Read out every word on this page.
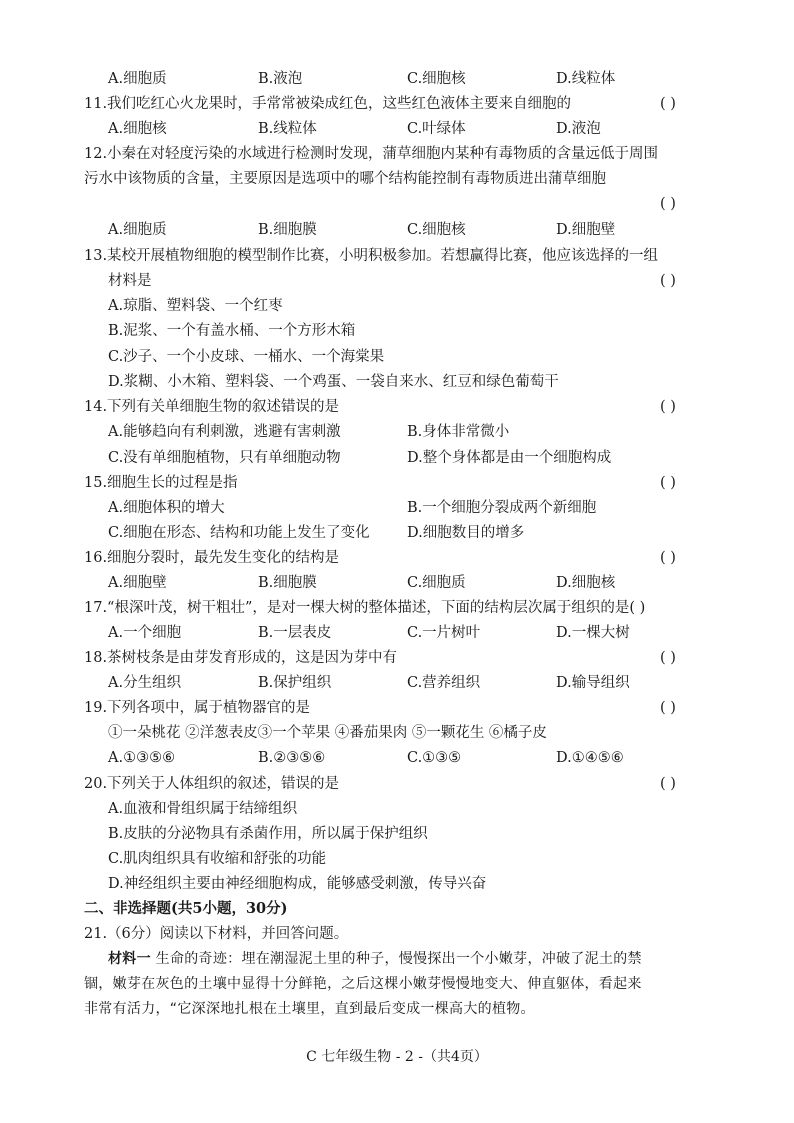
A.细胞质	B.液泡	C.细胞核	D.线粒体
11.我们吃红心火龙果时，手常常被染成红色，这些红色液体主要来自细胞的	( )
A.细胞核	B.线粒体	C.叶绿体	D.液泡
12.小秦在对轻度污染的水域进行检测时发现，蒲草细胞内某种有毒物质的含量远低于周围
污水中该物质的含量，主要原因是选项中的哪个结构能控制有毒物质进出蒲草细胞
( )
A.细胞质	B.细胞膜	C.细胞核	D.细胞壁
13.某校开展植物细胞的模型制作比赛，小明积极参加。若想赢得比赛，他应该选择的一组
材料是	( )
A.琼脂、塑料袋、一个红枣
B.泥浆、一个有盖水桶、一个方形木箱
C.沙子、一个小皮球、一桶水、一个海棠果
D.浆糊、小木箱、塑料袋、一个鸡蛋、一袋自来水、红豆和绿色葡萄干
14.下列有关单细胞生物的叙述错误的是	( )
A.能够趋向有利刺激，逃避有害刺激	B.身体非常微小
C.没有单细胞植物，只有单细胞动物	D.整个身体都是由一个细胞构成
15.细胞生长的过程是指	( )
A.细胞体积的增大	B.一个细胞分裂成两个新细胞
C.细胞在形态、结构和功能上发生了变化	D.细胞数目的增多
16.细胞分裂时，最先发生变化的结构是	( )
A.细胞壁	B.细胞膜	C.细胞质	D.细胞核
17.“根深叶茂，树干粗壮”，是对一棵大树的整体描述，下面的结构层次属于组织的是( )
A.一个细胞	B.一层表皮	C.一片树叶	D.一棵大树
18.茶树枝条是由芽发育形成的，这是因为芽中有	( )
A.分生组织	B.保护组织	C.营养组织	D.输导组织
19.下列各项中，属于植物器官的是	( )
①一朵桃花 ②洋葱表皮③一个苹果 ④番茄果肉 ⑤一颗花生 ⑥橘子皮
A.①③⑤⑥	B.②③⑤⑥	C.①③⑤	D.①④⑤⑥
20.下列关于人体组织的叙述，错误的是	( )
A.血液和骨组织属于结缔组织
B.皮肤的分泌物具有杀菌作用，所以属于保护组织
C.肌肉组织具有收缩和舒张的功能
D.神经组织主要由神经细胞构成，能够感受刺激，传导兴奋
二、非选择题(共5小题，30分)
21.（6分）阅读以下材料，并回答问题。
材料一 生命的奇迹：埋在潮湿泥土里的种子，慢慢探出一个小嫩芽，冲破了泥土的禁
锢，嫩芽在灰色的土壤中显得十分鲜艳，之后这棵小嫩芽慢慢地变大、伸直躯体，看起来
非常有活力，“它深深地扎根在土壤里，直到最后变成一棵高大的植物。
C 七年级生物 - 2 -（共4页）
